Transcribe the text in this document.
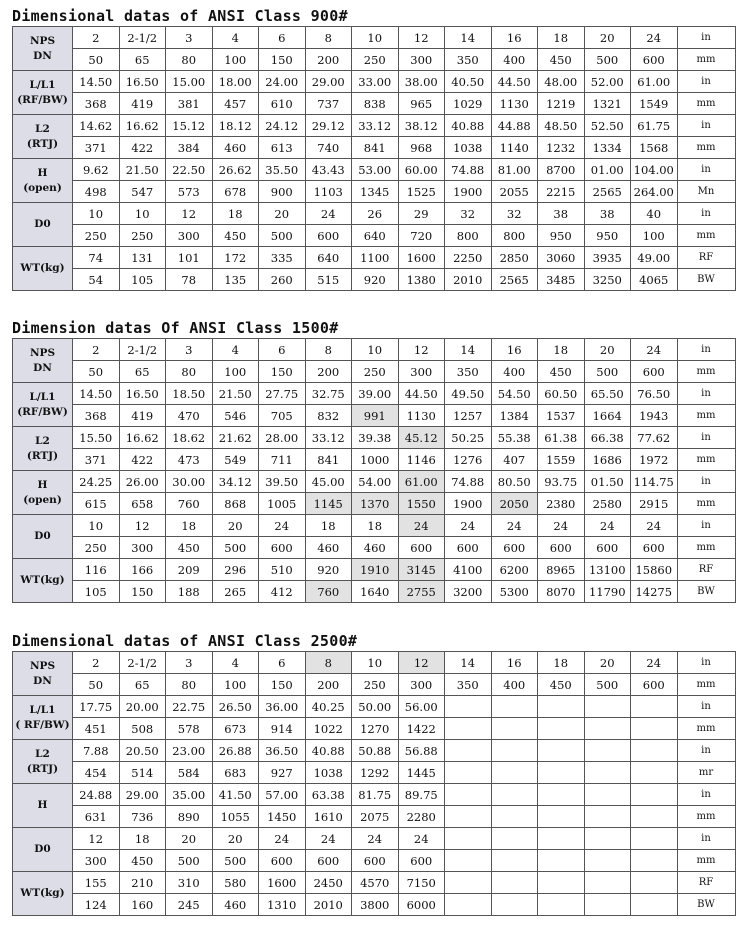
Dimensional datas of ANSI Class 900#
NPS
DN	2	2-1/2	3	4	6	8	10	12	14	16	18	20	24	in
	50	65	80	100	150	200	250	300	350	400	450	500	600	mm

L/L1
(RF/BW)	14.50	16.50	15.00	18.00	24.00	29.00	33.00	38.00	40.50	44.50	48.00	52.00	61.00	in
	368	419	381	457	610	737	838	965	1029	1130	1219	1321	1549	mm

L2
(RTJ)	14.62	16.62	15.12	18.12	24.12	29.12	33.12	38.12	40.88	44.88	48.50	52.50	61.75	in
	371	422	384	460	613	740	841	968	1038	1140	1232	1334	1568	mm

H
(open)	9.62	21.50	22.50	26.62	35.50	43.43	53.00	60.00	74.88	81.00	8700	01.00	104.00	in
	498	547	573	678	900	1103	1345	1525	1900	2055	2215	2565	264.00	Mn

D0	10	10	12	18	20	24	26	29	32	32	38	38	40	in
	250	250	300	450	500	600	640	720	800	800	950	950	100	mm

WT(kg)	74	131	101	172	335	640	1100	1600	2250	2850	3060	3935	49.00	RF
	54	105	78	135	260	515	920	1380	2010	2565	3485	3250	4065	BW
Dimension datas Of ANSI Class 1500#
NPS
DN	2	2-1/2	3	4	6	8	10	12	14	16	18	20	24	in
	50	65	80	100	150	200	250	300	350	400	450	500	600	mm

L/L1
(RF/BW)	14.50	16.50	18.50	21.50	27.75	32.75	39.00	44.50	49.50	54.50	60.50	65.50	76.50	in
	368	419	470	546	705	832	991	1130	1257	1384	1537	1664	1943	mm

L2
(RTJ)	15.50	16.62	18.62	21.62	28.00	33.12	39.38	45.12	50.25	55.38	61.38	66.38	77.62	in
	371	422	473	549	711	841	1000	1146	1276	407	1559	1686	1972	mm

H
(open)	24.25	26.00	30.00	34.12	39.50	45.00	54.00	61.00	74.88	80.50	93.75	01.50	114.75	in
	615	658	760	868	1005	1145	1370	1550	1900	2050	2380	2580	2915	mm

D0	10	12	18	20	24	18	18	24	24	24	24	24	24	in
	250	300	450	500	600	460	460	600	600	600	600	600	600	mm

WT(kg)	116	166	209	296	510	920	1910	3145	4100	6200	8965	13100	15860	RF
	105	150	188	265	412	760	1640	2755	3200	5300	8070	11790	14275	BW
Dimensional datas of ANSI Class 2500#
NPS
DN	2	2-1/2	3	4	6	8	10	12	14	16	18	20	24	in
	50	65	80	100	150	200	250	300	350	400	450	500	600	mm

L/L1
( RF/BW)	17.75	20.00	22.75	26.50	36.00	40.25	50.00	56.00						in
	451	508	578	673	914	1022	1270	1422						mm

L2
(RTJ)	7.88	20.50	23.00	26.88	36.50	40.88	50.88	56.88						in
	454	514	584	683	927	1038	1292	1445						mr

H	24.88	29.00	35.00	41.50	57.00	63.38	81.75	89.75						in
	631	736	890	1055	1450	1610	2075	2280						mm

D0	12	18	20	20	24	24	24	24						in
	300	450	500	500	600	600	600	600						mm

WT(kg)	155	210	310	580	1600	2450	4570	7150						RF
	124	160	245	460	1310	2010	3800	6000						BW
